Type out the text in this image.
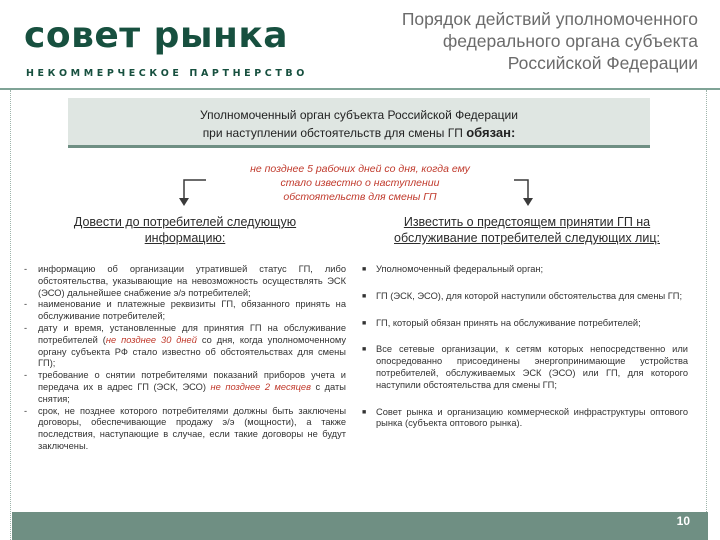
совет рынка
НЕКОММЕРЧЕСКОЕ ПАРТНЕРСТВО
Порядок действий уполномоченного
федерального органа субъекта
Российской Федерации
Уполномоченный орган субъекта Российской Федерации
при наступлении обстоятельств для смены ГП обязан:
не позднее 5 рабочих дней со дня, когда ему
стало известно о наступлении
обстоятельств для смены ГП
Довести до потребителей следующую
информацию:
Известить о предстоящем принятии ГП на
обслуживание потребителей следующих лиц:
- информацию об организации утратившей статус ГП, либо обстоятельства, указывающие на невозможность осуществлять ЭСК (ЭСО) дальнейшее снабжение э/э потребителей;
- наименование и платежные реквизиты ГП, обязанного принять на обслуживание потребителей;
- дату и время, установленные для принятия ГП на обслуживание потребителей (не позднее 30 дней со дня, когда уполномоченному органу субъекта РФ стало известно об обстоятельствах для смены ГП);
- требование о снятии потребителями показаний приборов учета и передача их в адрес ГП (ЭСК, ЭСО) не позднее 2 месяцев с даты снятия;
- срок, не позднее которого потребителями должны быть заключены договоры, обеспечивающие продажу э/э (мощности), а также последствия, наступающие в случае, если такие договоры не будут заключены.
■ Уполномоченный федеральный орган;
■ ГП (ЭСК, ЭСО), для которой наступили обстоятельства для смены ГП;
■ ГП, который обязан принять на обслуживание потребителей;
■ Все сетевые организации, к сетям которых непосредственно или опосредованно присоединены энергопринимающие устройства потребителей, обслуживаемых ЭСК (ЭСО) или ГП, для которого наступили обстоятельства для смены ГП;
■ Совет рынка и организацию коммерческой инфраструктуры оптового рынка (субъекта оптового рынка).
10
